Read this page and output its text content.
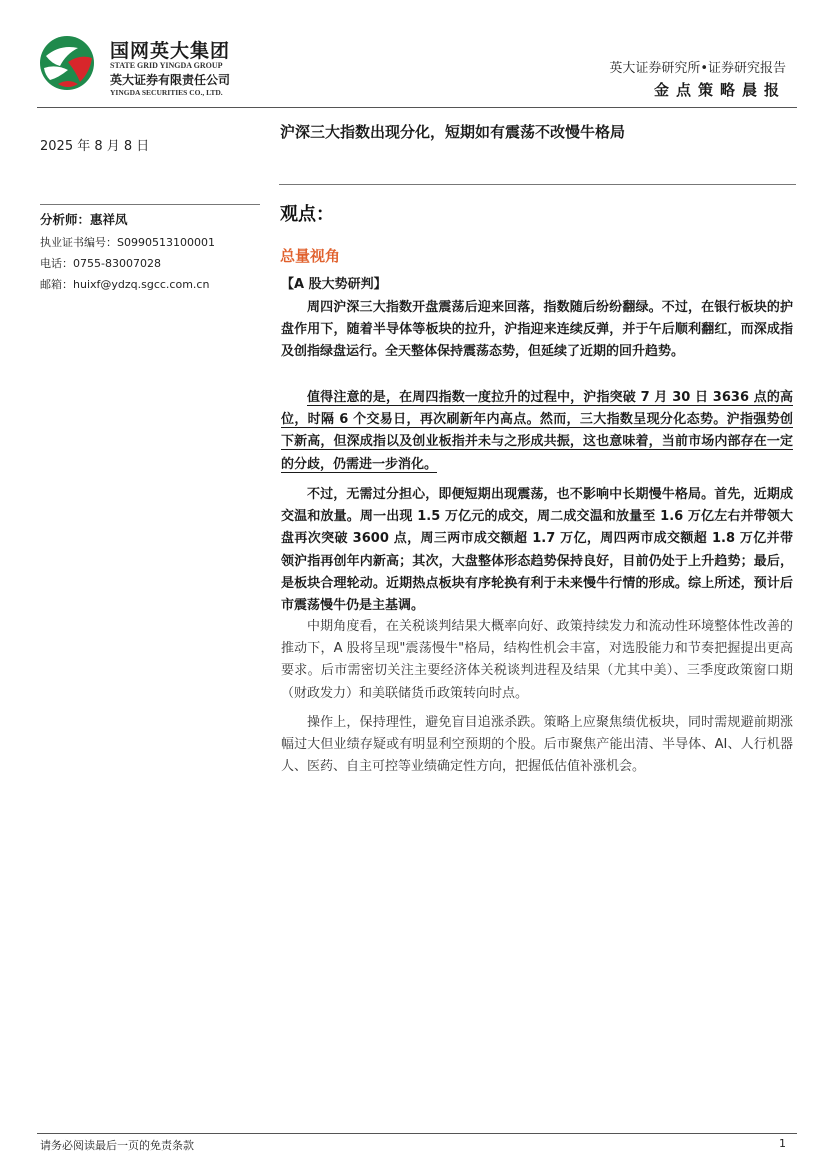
国网英大集团
STATE GRID YINGDA GROUP
英大证券有限责任公司
YINGDA SECURITIES CO., LTD.
英大证券研究所•证券研究报告
金点策略晨报
2025 年 8 月 8 日
沪深三大指数出现分化，短期如有震荡不改慢牛格局
分析师：惠祥凤
执业证书编号：S0990513100001
电话：0755-83007028
邮箱：huixf@ydzq.sgcc.com.cn
观点：
总量视角
【A 股大势研判】

周四沪深三大指数开盘震荡后迎来回落，指数随后纷纷翻绿。不过，在银行板块的护盘作用下，随着半导体等板块的拉升，沪指迎来连续反弹，并于午后顺利翻红，而深成指及创指绿盘运行。全天整体保持震荡态势，但延续了近期的回升趋势。

值得注意的是，在周四指数一度拉升的过程中，沪指突破 7 月 30 日 3636 点的高位，时隔 6 个交易日，再次刷新年内高点。然而，三大指数呈现分化态势。沪指强势创下新高，但深成指以及创业板指并未与之形成共振，这也意味着，当前市场内部存在一定的分歧，仍需进一步消化。

不过，无需过分担心，即便短期出现震荡，也不影响中长期慢牛格局。首先，近期成交温和放量。周一出现 1.5 万亿元的成交，周二成交温和放量至 1.6 万亿左右并带领大盘再次突破 3600 点，周三两市成交额超 1.7 万亿，周四两市成交额超 1.8 万亿并带领沪指再创年内新高；其次，大盘整体形态趋势保持良好，目前仍处于上升趋势；最后，是板块合理轮动。近期热点板块有序轮换有利于未来慢牛行情的形成。综上所述，预计后市震荡慢牛仍是主基调。

中期角度看，在关税谈判结果大概率向好、政策持续发力和流动性环境整体性改善的推动下，A 股将呈现"震荡慢牛"格局，结构性机会丰富，对选股能力和节奏把握提出更高要求。后市需密切关注主要经济体关税谈判进程及结果（尤其中美）、三季度政策窗口期（财政发力）和美联储货币政策转向时点。

操作上，保持理性，避免盲目追涨杀跌。策略上应聚焦绩优板块，同时需规避前期涨幅过大但业绩存疑或有明显利空预期的个股。后市聚焦产能出清、半导体、AI、人行机器人、医药、自主可控等业绩确定性方向，把握低估值补涨机会。

请务必阅读最后一页的免责条款	1
